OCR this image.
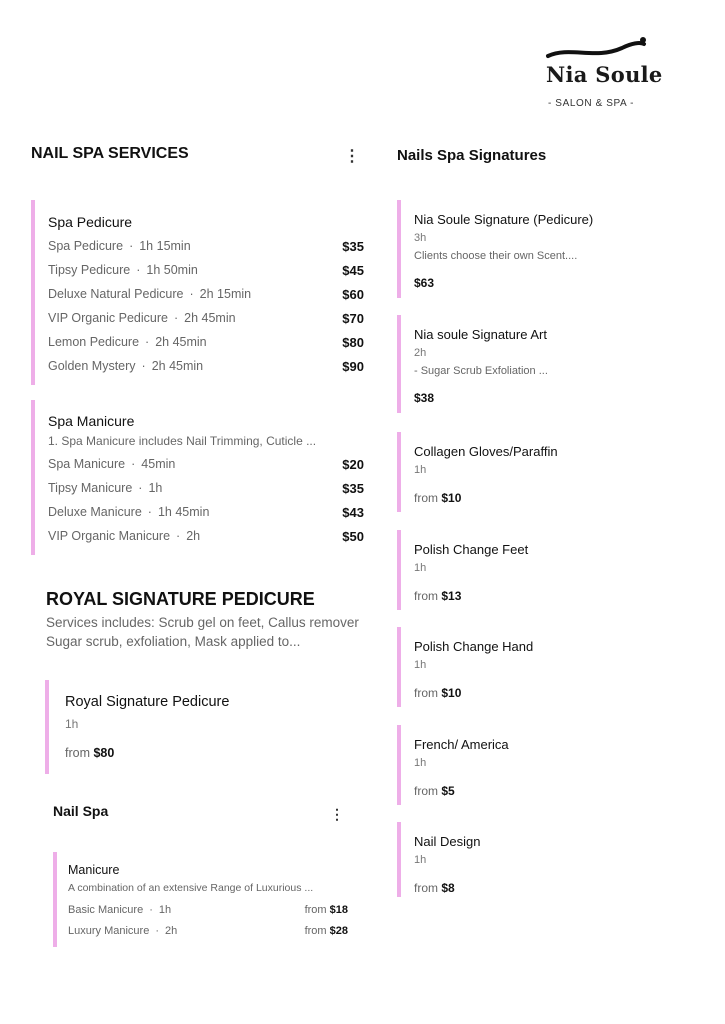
Nia Soule
- SALON & SPA -
NAIL SPA SERVICES	⋮
Spa Pedicure
Spa Pedicure · 1h 15min	$35
Tipsy Pedicure · 1h 50min	$45
Deluxe Natural Pedicure · 2h 15min	$60
VIP Organic Pedicure · 2h 45min	$70
Lemon Pedicure · 2h 45min	$80
Golden Mystery · 2h 45min	$90
Spa Manicure
1. Spa Manicure includes Nail Trimming, Cuticle ...
Spa Manicure · 45min	$20
Tipsy Manicure · 1h	$35
Deluxe Manicure · 1h 45min	$43
VIP Organic Manicure · 2h	$50
ROYAL SIGNATURE PEDICURE
Services includes: Scrub gel on feet, Callus remover Sugar scrub, exfoliation, Mask applied to...
Royal Signature Pedicure
1h
from $80
Nail Spa	⋮
Manicure
A combination of an extensive Range of Luxurious ...
Basic Manicure · 1h	from $18
Luxury Manicure · 2h	from $28
Nails Spa Signatures
Nia Soule Signature (Pedicure)
3h
Clients choose their own Scent....
$63
Nia soule Signature Art
2h
- Sugar Scrub Exfoliation ...
$38
Collagen Gloves/Paraffin
1h
from $10
Polish Change Feet
1h
from $13
Polish Change Hand
1h
from $10
French/ America
1h
from $5
Nail Design
1h
from $8
